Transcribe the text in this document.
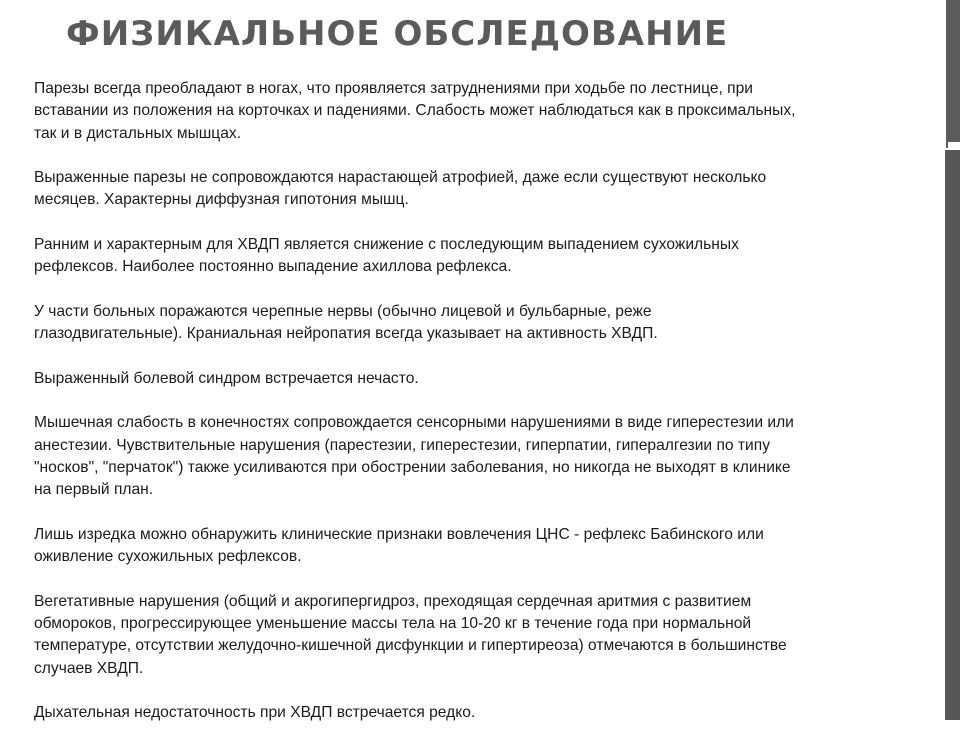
ФИЗИКАЛЬНОЕ ОБСЛЕДОВАНИЕ

Парезы всегда преобладают в ногах, что проявляется затруднениями при ходьбе по лестнице, при
вставании из положения на корточках и падениями. Слабость может наблюдаться как в проксимальных,
так и в дистальных мышцах.

Выраженные парезы не сопровождаются нарастающей атрофией, даже если существуют несколько
месяцев. Характерны диффузная гипотония мышц.

Ранним и характерным для ХВДП является снижение с последующим выпадением сухожильных
рефлексов. Наиболее постоянно выпадение ахиллова рефлекса.

У части больных поражаются черепные нервы (обычно лицевой и бульбарные, реже
глазодвигательные). Краниальная нейропатия всегда указывает на активность ХВДП.

Выраженный болевой синдром встречается нечасто.

Мышечная слабость в конечностях сопровождается сенсорными нарушениями в виде гиперестезии или
анестезии. Чувствительные нарушения (парестезии, гиперестезии, гиперпатии, гипералгезии по типу
"носков", "перчаток") также усиливаются при обострении заболевания, но никогда не выходят в клинике
на первый план.

Лишь изредка можно обнаружить клинические признаки вовлечения ЦНС - рефлекс Бабинского или
оживление сухожильных рефлексов.

Вегетативные нарушения (общий и акрогипергидроз, преходящая сердечная аритмия с развитием
обмороков, прогрессирующее уменьшение массы тела на 10-20 кг в течение года при нормальной
температуре, отсутствии желудочно-кишечной дисфункции и гипертиреоза) отмечаются в большинстве
случаев ХВДП.

Дыхательная недостаточность при ХВДП встречается редко.
